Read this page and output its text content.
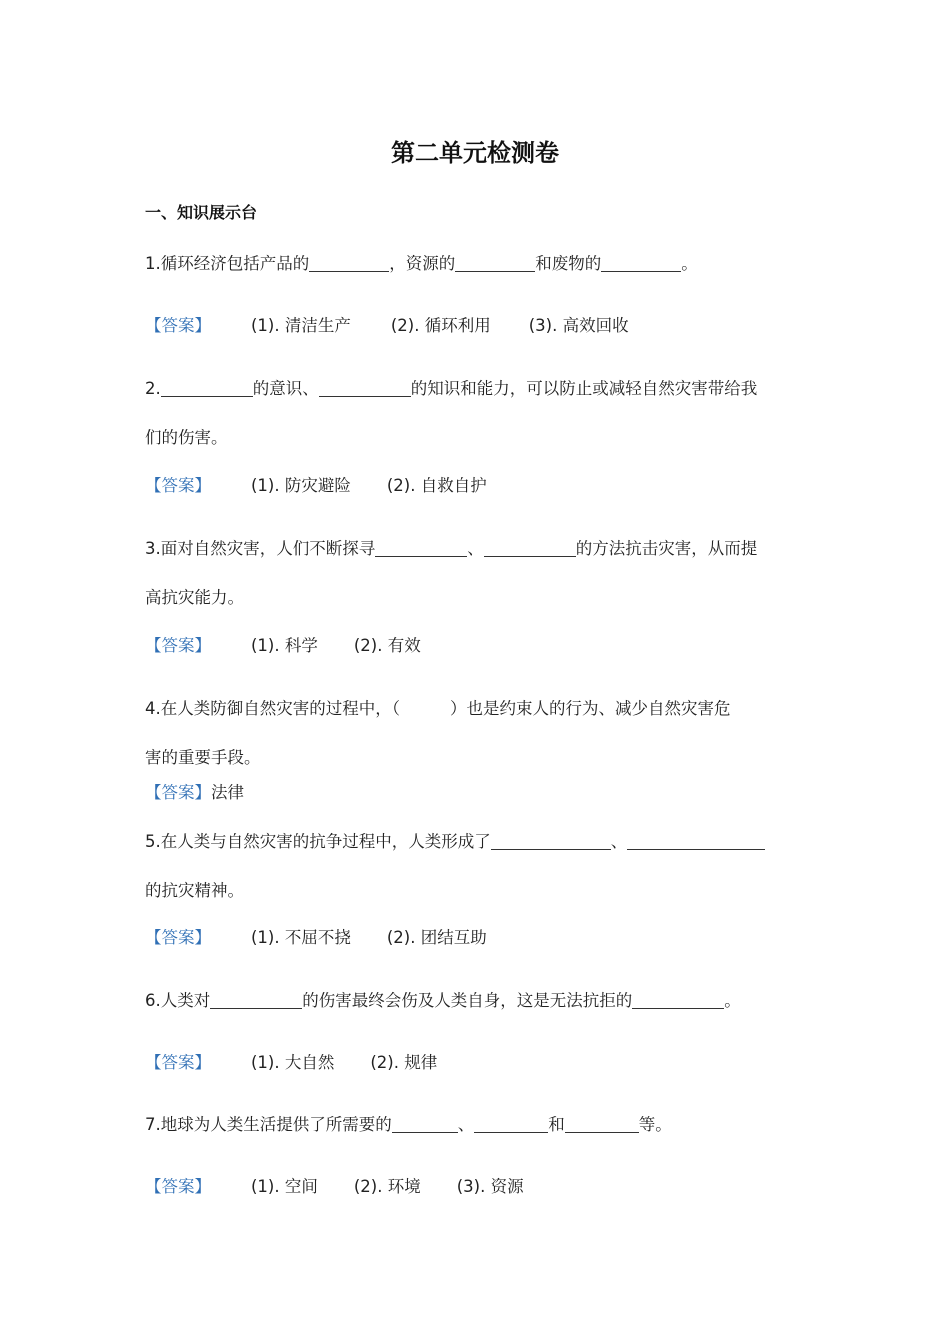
第二单元检测卷
一、知识展示台
1.循环经济包括产品的	，资源的	和废物的	。
【答案】 (1). 清洁生产 (2). 循环利用 (3). 高效回收
2.	的意识、	的知识和能力，可以防止或减轻自然灾害带给我
们的伤害。
【答案】 (1). 防灾避险 (2). 自救自护
3.面对自然灾害，人们不断探寻	、	的方法抗击灾害，从而提
高抗灾能力。
【答案】 (1). 科学 (2). 有效
4.在人类防御自然灾害的过程中，（	）也是约束人的行为、减少自然灾害危
害的重要手段。
【答案】法律
5.在人类与自然灾害的抗争过程中，人类形成了	、
的抗灾精神。
【答案】 (1). 不屈不挠 (2). 团结互助
6.人类对	的伤害最终会伤及人类自身，这是无法抗拒的	。
【答案】 (1). 大自然 (2). 规律
7.地球为人类生活提供了所需要的	、	和	等。
【答案】 (1). 空间 (2). 环境 (3). 资源
